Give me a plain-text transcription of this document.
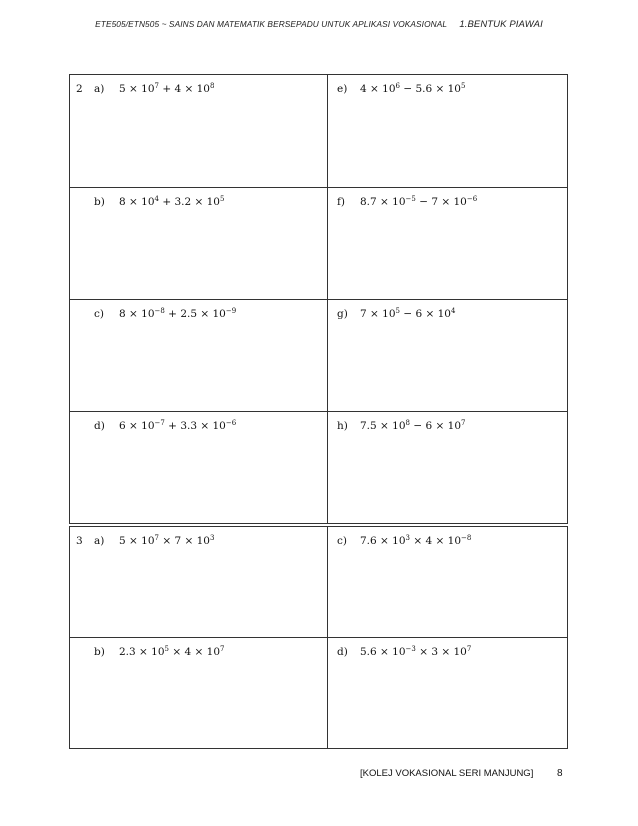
ETE505/ETN505 ~ SAINS DAN MATEMATIK BERSEPADU UNTUK APLIKASI VOKASIONAL 1.BENTUK PIAWAI
2 a) $5 \times 10^7 + 4 \times 10^8$	e) $4 \times 10^6 - 5.6 \times 10^5$
b) $8 \times 10^4 + 3.2 \times 10^5$	f) $8.7 \times 10^{-5} - 7 \times 10^{-6}$
c) $8 \times 10^{-8} + 2.5 \times 10^{-9}$	g) $7 \times 10^5 - 6 \times 10^4$
d) $6 \times 10^{-7} + 3.3 \times 10^{-6}$	h) $7.5 \times 10^8 - 6 \times 10^7$
3 a) $5 \times 10^7 \times 7 \times 10^3$	c) $7.6 \times 10^3 \times 4 \times 10^{-8}$
b) $2.3 \times 10^5 \times 4 \times 10^7$	d) $5.6 \times 10^{-3} \times 3 \times 10^7$
[KOLEJ VOKASIONAL SERI MANJUNG] 8
